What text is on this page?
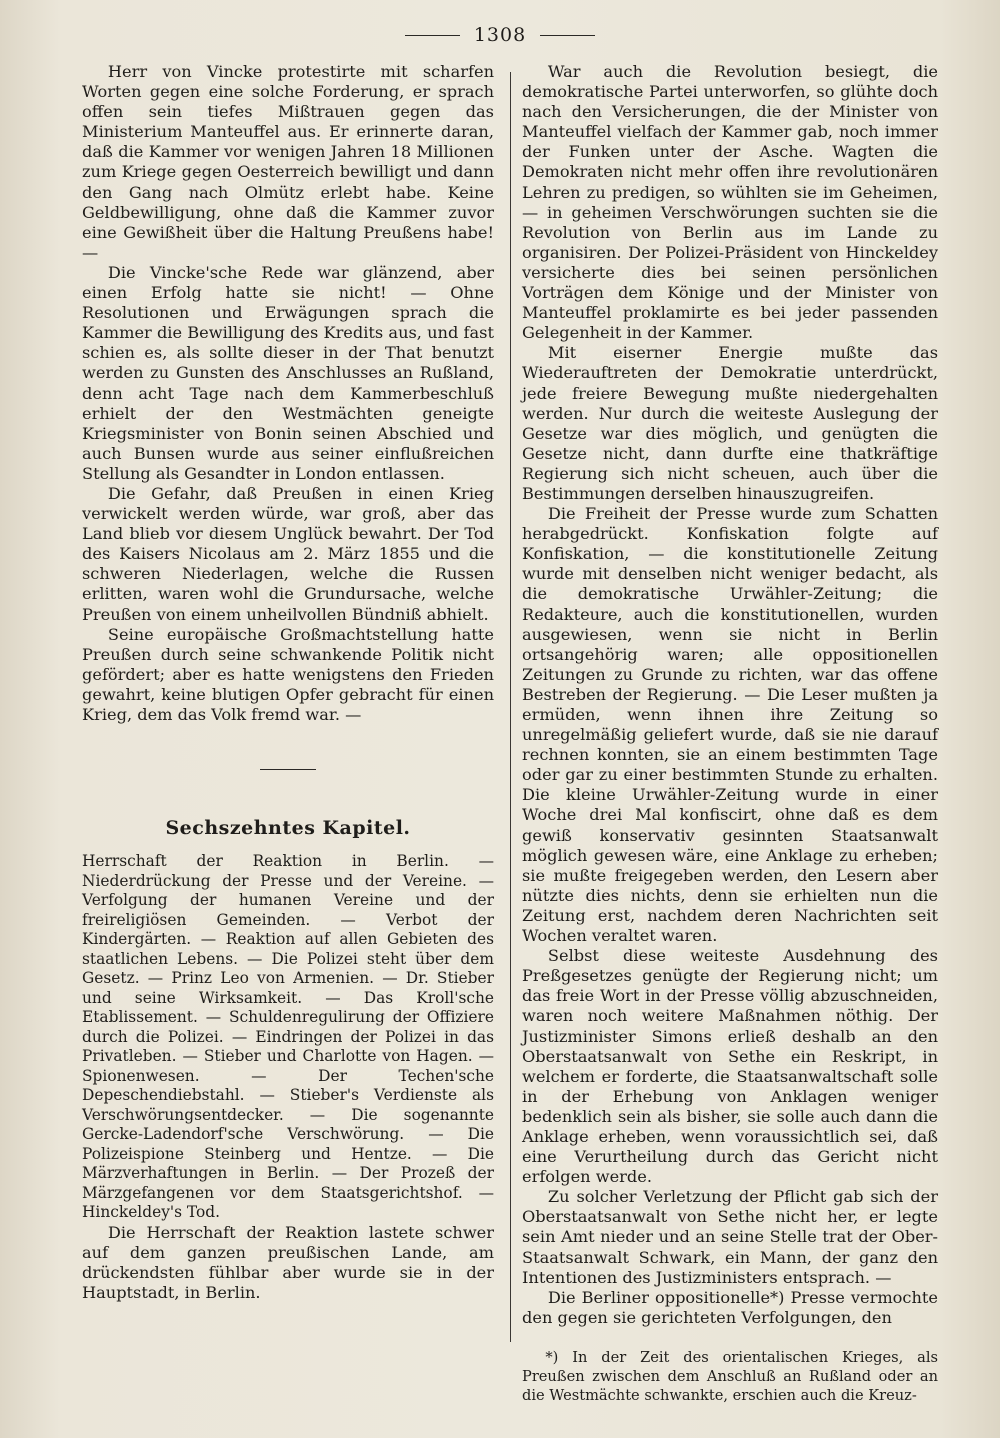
1308

Herr von Vincke protestirte mit scharfen Worten gegen eine solche Forderung, er sprach offen sein tiefes Mißtrauen gegen das Ministerium Manteuffel aus. Er erinnerte daran, daß die Kammer vor wenigen Jahren 18 Millionen zum Kriege gegen Oesterreich bewilligt und dann den Gang nach Olmütz erlebt habe. Keine Geldbewilligung, ohne daß die Kammer zuvor eine Gewißheit über die Haltung Preußens habe! —

Die Vincke'sche Rede war glänzend, aber einen Erfolg hatte sie nicht! — Ohne Resolutionen und Erwägungen sprach die Kammer die Bewilligung des Kredits aus, und fast schien es, als sollte dieser in der That benutzt werden zu Gunsten des Anschlusses an Rußland, denn acht Tage nach dem Kammerbeschluß erhielt der den Westmächten geneigte Kriegsminister von Bonin seinen Abschied und auch Bunsen wurde aus seiner einflußreichen Stellung als Gesandter in London entlassen.

Die Gefahr, daß Preußen in einen Krieg verwickelt werden würde, war groß, aber das Land blieb vor diesem Unglück bewahrt. Der Tod des Kaisers Nicolaus am 2. März 1855 und die schweren Niederlagen, welche die Russen erlitten, waren wohl die Grundursache, welche Preußen von einem unheilvollen Bündniß abhielt.

Seine europäische Großmachtstellung hatte Preußen durch seine schwankende Politik nicht gefördert; aber es hatte wenigstens den Frieden gewahrt, keine blutigen Opfer gebracht für einen Krieg, dem das Volk fremd war. —

Sechszehntes Kapitel.

Herrschaft der Reaktion in Berlin. — Niederdrückung der Presse und der Vereine. — Verfolgung der humanen Vereine und der freireligiösen Gemeinden. — Verbot der Kindergärten. — Reaktion auf allen Gebieten des staatlichen Lebens. — Die Polizei steht über dem Gesetz. — Prinz Leo von Armenien. — Dr. Stieber und seine Wirksamkeit. — Das Kroll'sche Etablissement. — Schuldenregulirung der Offiziere durch die Polizei. — Eindringen der Polizei in das Privatleben. — Stieber und Charlotte von Hagen. — Spionenwesen. — Der Techen'sche Depeschendiebstahl. — Stieber's Verdienste als Verschwörungsentdecker. — Die sogenannte Gercke-Ladendorf'sche Verschwörung. — Die Polizeispione Steinberg und Hentze. — Die Märzverhaftungen in Berlin. — Der Prozeß der Märzgefangenen vor dem Staatsgerichtshof. — Hinckeldey's Tod.

Die Herrschaft der Reaktion lastete schwer auf dem ganzen preußischen Lande, am drückendsten fühlbar aber wurde sie in der Hauptstadt, in Berlin.

War auch die Revolution besiegt, die demokratische Partei unterworfen, so glühte doch nach den Versicherungen, die der Minister von Manteuffel vielfach der Kammer gab, noch immer der Funken unter der Asche. Wagten die Demokraten nicht mehr offen ihre revolutionären Lehren zu predigen, so wühlten sie im Geheimen, — in geheimen Verschwörungen suchten sie die Revolution von Berlin aus im Lande zu organisiren. Der Polizei-Präsident von Hinckeldey versicherte dies bei seinen persönlichen Vorträgen dem Könige und der Minister von Manteuffel proklamirte es bei jeder passenden Gelegenheit in der Kammer.

Mit eiserner Energie mußte das Wiederauftreten der Demokratie unterdrückt, jede freiere Bewegung mußte niedergehalten werden. Nur durch die weiteste Auslegung der Gesetze war dies möglich, und genügten die Gesetze nicht, dann durfte eine thatkräftige Regierung sich nicht scheuen, auch über die Bestimmungen derselben hinauszugreifen.

Die Freiheit der Presse wurde zum Schatten herabgedrückt. Konfiskation folgte auf Konfiskation, — die konstitutionelle Zeitung wurde mit denselben nicht weniger bedacht, als die demokratische Urwähler-Zeitung; die Redakteure, auch die konstitutionellen, wurden ausgewiesen, wenn sie nicht in Berlin ortsangehörig waren; alle oppositionellen Zeitungen zu Grunde zu richten, war das offene Bestreben der Regierung. — Die Leser mußten ja ermüden, wenn ihnen ihre Zeitung so unregelmäßig geliefert wurde, daß sie nie darauf rechnen konnten, sie an einem bestimmten Tage oder gar zu einer bestimmten Stunde zu erhalten. Die kleine Urwähler-Zeitung wurde in einer Woche drei Mal konfiscirt, ohne daß es dem gewiß konservativ gesinnten Staatsanwalt möglich gewesen wäre, eine Anklage zu erheben; sie mußte freigegeben werden, den Lesern aber nützte dies nichts, denn sie erhielten nun die Zeitung erst, nachdem deren Nachrichten seit Wochen veraltet waren.

Selbst diese weiteste Ausdehnung des Preßgesetzes genügte der Regierung nicht; um das freie Wort in der Presse völlig abzuschneiden, waren noch weitere Maßnahmen nöthig. Der Justizminister Simons erließ deshalb an den Oberstaatsanwalt von Sethe ein Reskript, in welchem er forderte, die Staatsanwaltschaft solle in der Erhebung von Anklagen weniger bedenklich sein als bisher, sie solle auch dann die Anklage erheben, wenn voraussichtlich sei, daß eine Verurtheilung durch das Gericht nicht erfolgen werde.

Zu solcher Verletzung der Pflicht gab sich der Oberstaatsanwalt von Sethe nicht her, er legte sein Amt nieder und an seine Stelle trat der Ober-Staatsanwalt Schwark, ein Mann, der ganz den Intentionen des Justizministers entsprach. —

Die Berliner oppositionelle*) Presse vermochte den gegen sie gerichteten Verfolgungen, den

*) In der Zeit des orientalischen Krieges, als Preußen zwischen dem Anschluß an Rußland oder an die Westmächte schwankte, erschien auch die Kreuz-
